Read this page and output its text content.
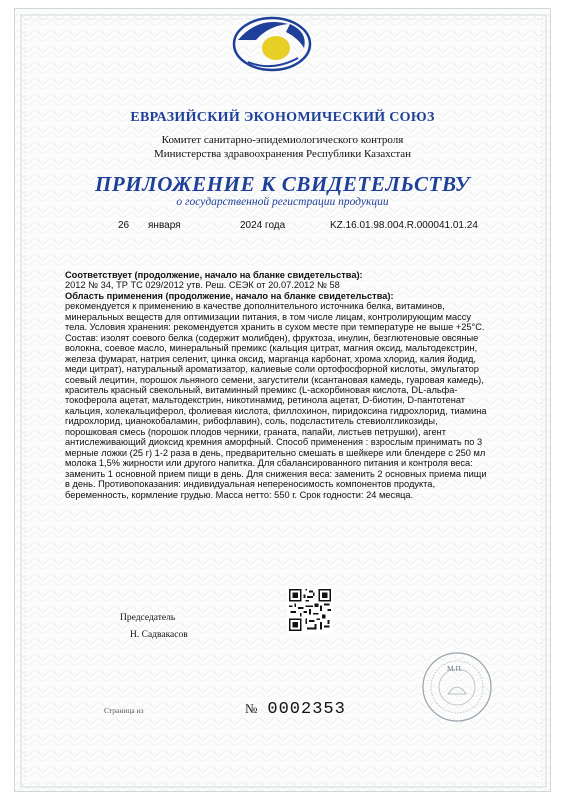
ЕВРАЗИЙСКИЙ ЭКОНОМИЧЕСКИЙ СОЮЗ
Комитет санитарно-эпидемиологического контроля
Министерства здравоохранения Республики Казахстан
ПРИЛОЖЕНИЕ К СВИДЕТЕЛЬСТВУ
о государственной регистрации продукции
26 января	2024 года	KZ.16.01.98.004.R.000041.01.24

Соответствует (продолжение, начало на бланке свидетельства):

2012 № 34, ТР ТС 029/2012 утв. Реш. СЕЭК от 20.07.2012 № 58

Область применения (продолжение, начало на бланке свидетельства):

рекомендуется к применению в качестве дополнительного источника белка, витаминов,

минеральных веществ для оптимизации питания, в том числе лицам, контролирующим массу

тела. Условия хранения: рекомендуется хранить в сухом месте при температуре не выше +25°С.

Состав: изолят соевого белка (содержит молибден), фруктоза, инулин, безглютеновые овсяные

волокна, соевое масло, минеральный премикс (кальция цитрат, магния оксид, мальтодекстрин,

железа фумарат, натрия селенит, цинка оксид, марганца карбонат, хрома хлорид, калия йодид,

меди цитрат), натуральный ароматизатор, калиевые соли ортофосфорной кислоты, эмульгатор

соевый лецитин, порошок льняного семени, загустители (ксантановая камедь, гуаровая камедь),

краситель красный свекольный, витаминный премикс (L-аскорбиновая кислота, DL-альфа-

токоферола ацетат, мальтодекстрин, никотинамид, ретинола ацетат, D-биотин, D-пантотенат

кальция, холекальциферол, фолиевая кислота, филлохинон, пиридоксина гидрохлорид, тиамина

гидрохлорид, цианокобаламин, рибофлавин), соль, подсластитель стевиолгликозиды,

порошковая смесь (порошок плодов черники, граната, папайи, листьев петрушки), агент

антислеживающий диоксид кремния аморфный. Способ применения : взрослым принимать по 3

мерные ложки (25 г) 1-2 раза в день, предварительно смешать в шейкере или блендере с 250 мл

молока 1,5% жирности или другого напитка. Для сбалансированного питания и контроля веса:

заменить 1 основной прием пищи в день. Для снижения веса: заменить 2 основных приема пищи

в день. Противопоказания: индивидуальная непереносимость компонентов продукта,

беременность, кормление грудью. Масса нетто: 550 г. Срок годности: 24 месяца.

Председатель
Н. Садвакасов
М.П.
Страница из	№ 0002353
